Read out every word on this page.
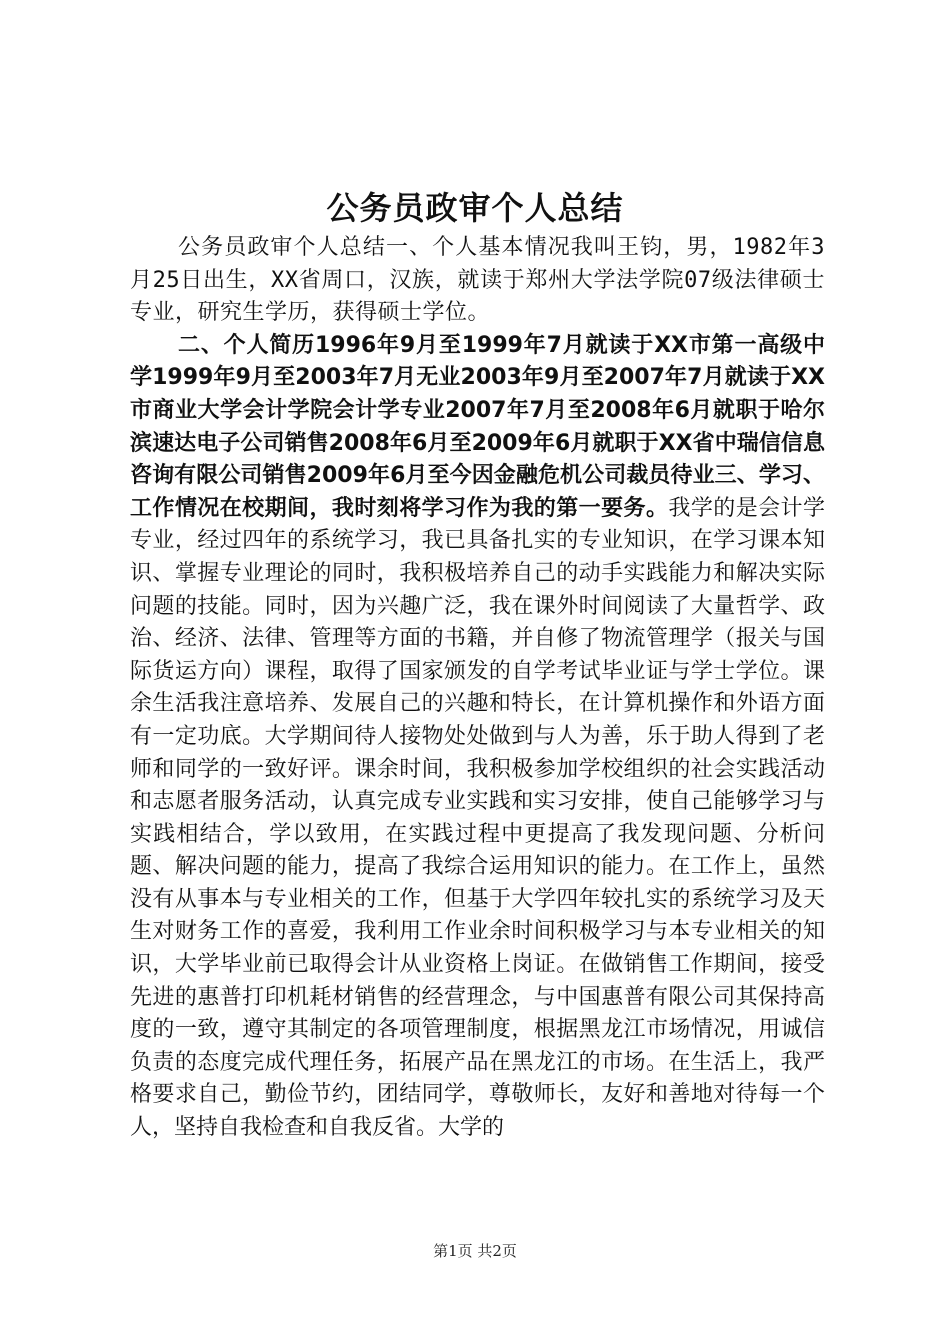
公务员政审个人总结

公务员政审个人总结一、个人基本情况我叫王钧，男，1982年3月25日出生，XX省周口，汉族，就读于郑州大学法学院07级法律硕士专业，研究生学历，获得硕士学位。

二、个人简历1996年9月至1999年7月就读于XX市第一高级中学1999年9月至2003年7月无业2003年9月至2007年7月就读于XX市商业大学会计学院会计学专业2007年7月至2008年6月就职于哈尔滨速达电子公司销售2008年6月至2009年6月就职于XX省中瑞信信息咨询有限公司销售2009年6月至今因金融危机公司裁员待业三、学习、工作情况在校期间，我时刻将学习作为我的第一要务。我学的是会计学专业，经过四年的系统学习，我已具备扎实的专业知识，在学习课本知识、掌握专业理论的同时，我积极培养自己的动手实践能力和解决实际问题的技能。同时，因为兴趣广泛，我在课外时间阅读了大量哲学、政治、经济、法律、管理等方面的书籍，并自修了物流管理学（报关与国际货运方向）课程，取得了国家颁发的自学考试毕业证与学士学位。课余生活我注意培养、发展自己的兴趣和特长，在计算机操作和外语方面有一定功底。大学期间待人接物处处做到与人为善，乐于助人得到了老师和同学的一致好评。课余时间，我积极参加学校组织的社会实践活动和志愿者服务活动，认真完成专业实践和实习安排，使自己能够学习与实践相结合，学以致用，在实践过程中更提高了我发现问题、分析问题、解决问题的能力，提高了我综合运用知识的能力。在工作上，虽然没有从事本与专业相关的工作，但基于大学四年较扎实的系统学习及天生对财务工作的喜爱，我利用工作业余时间积极学习与本专业相关的知识，大学毕业前已取得会计从业资格上岗证。在做销售工作期间，接受先进的惠普打印机耗材销售的经营理念，与中国惠普有限公司其保持高度的一致，遵守其制定的各项管理制度，根据黑龙江市场情况，用诚信负责的态度完成代理任务，拓展产品在黑龙江的市场。在生活上，我严格要求自己，勤俭节约，团结同学，尊敬师长，友好和善地对待每一个人，坚持自我检查和自我反省。大学的

第1页 共2页
